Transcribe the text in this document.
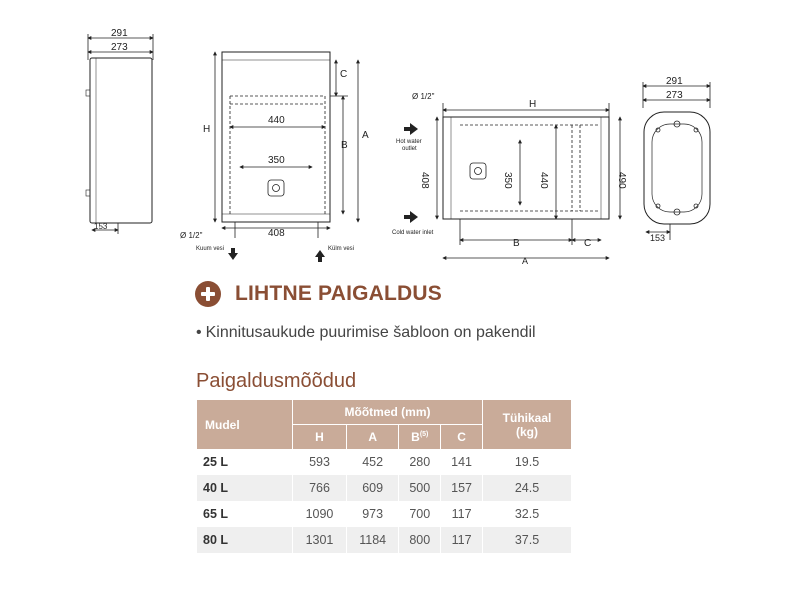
291
273
153
C
H
B
A
440
350
408
Ø 1/2"
Kuum vesi	Külm vesi
Ø 1/2"
H
Hot water
outlet
408	350	440	490
B	C
A
Cold water inlet
291
273
153
LIHTNE PAIGALDUS
• Kinnitusaukude puurimise šabloon on pakendil
Paigaldusmõõdud
Mudel	Mõõtmed (mm)				Tühikaal
(kg)
	H	A	$B^{(5)}$	C	
25 L	593	452	280	141	19.5
40 L	766	609	500	157	24.5
65 L	1090	973	700	117	32.5
80 L	1301	1184	800	117	37.5
